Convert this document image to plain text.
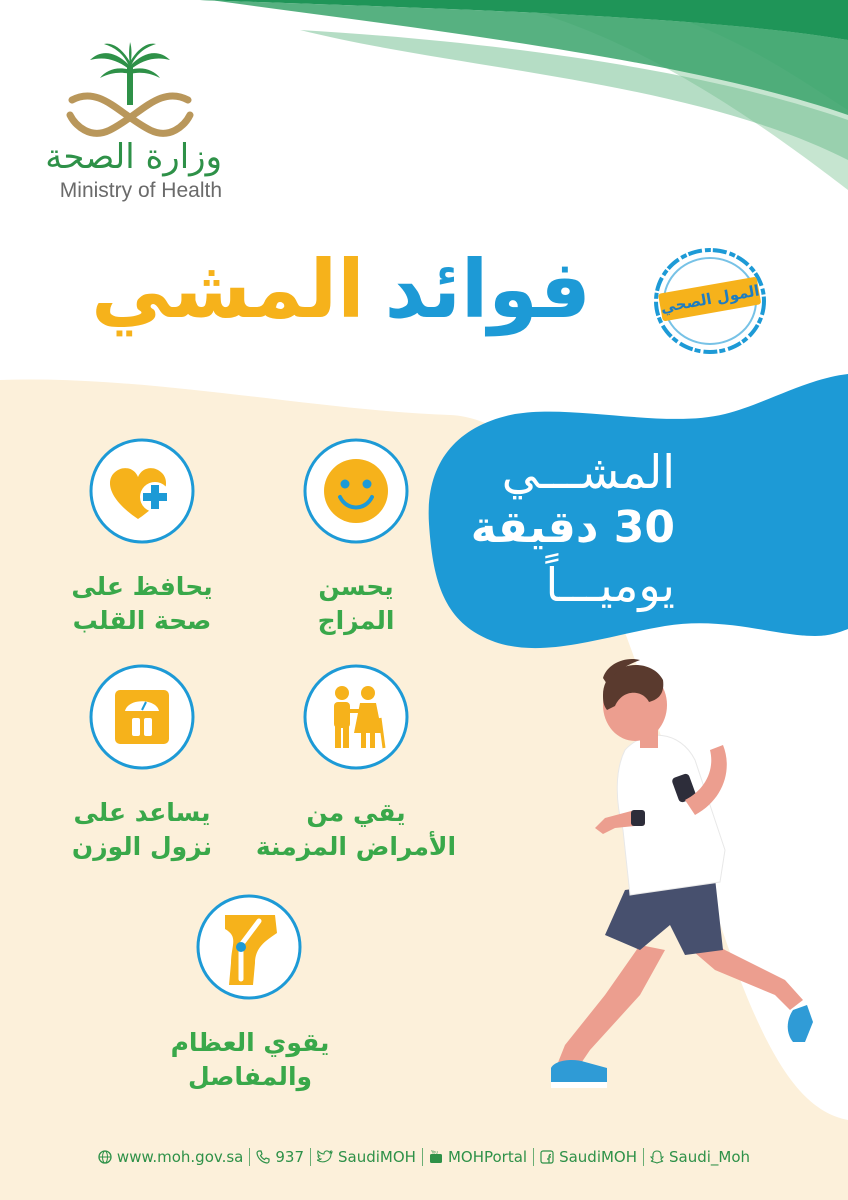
المشـــي
30 دقيقة
يوميـــاً
وزارة الصحة
Ministry of Health
فوائد
المشي	المول الصحي
يحسن
المزاج
يحافظ على
صحة القلب
يقي من
الأمراض المزمنة
يساعد على
نزول الوزن
يقوي العظام
والمفاصل
www.moh.gov.sa 937 SaudiMOH	You MOHPortal SaudiMOH Saudi_Moh
